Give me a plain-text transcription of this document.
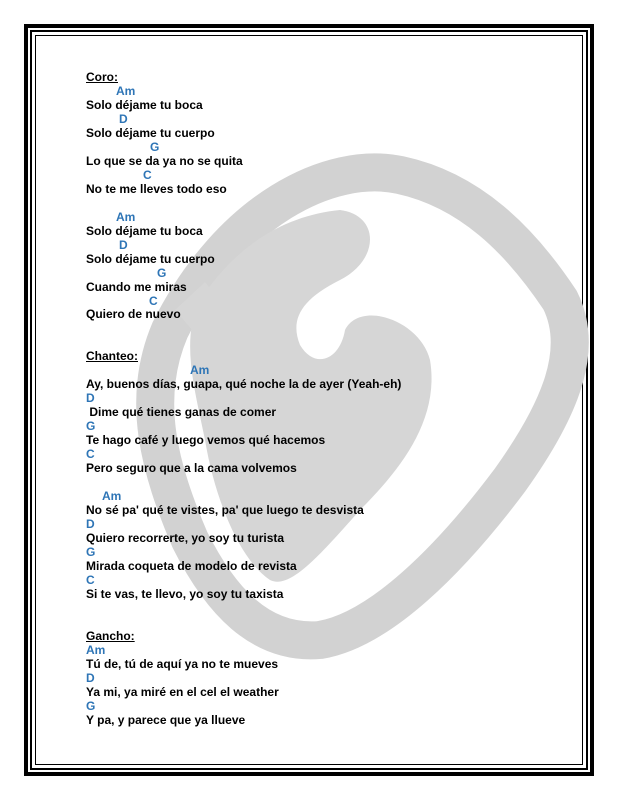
Coro:
Am
Solo déjame tu boca
D
Solo déjame tu cuerpo
G
Lo que se da ya no se quita
C
No te me lleves todo eso
Am
Solo déjame tu boca
D
Solo déjame tu cuerpo
G
Cuando me miras
C
Quiero de nuevo
Chanteo:
Am
Ay, buenos días, guapa, qué noche la de ayer (Yeah-eh)
D
Dime qué tienes ganas de comer
G
Te hago café y luego vemos qué hacemos
C
Pero seguro que a la cama volvemos
Am
No sé pa' qué te vistes, pa' que luego te desvista
D
Quiero recorrerte, yo soy tu turista
G
Mirada coqueta de modelo de revista
C
Si te vas, te llevo, yo soy tu taxista
Gancho:
Am
Tú de, tú de aquí ya no te mueves
D
Ya mi, ya miré en el cel el weather
G
Y pa, y parece que ya llueve
